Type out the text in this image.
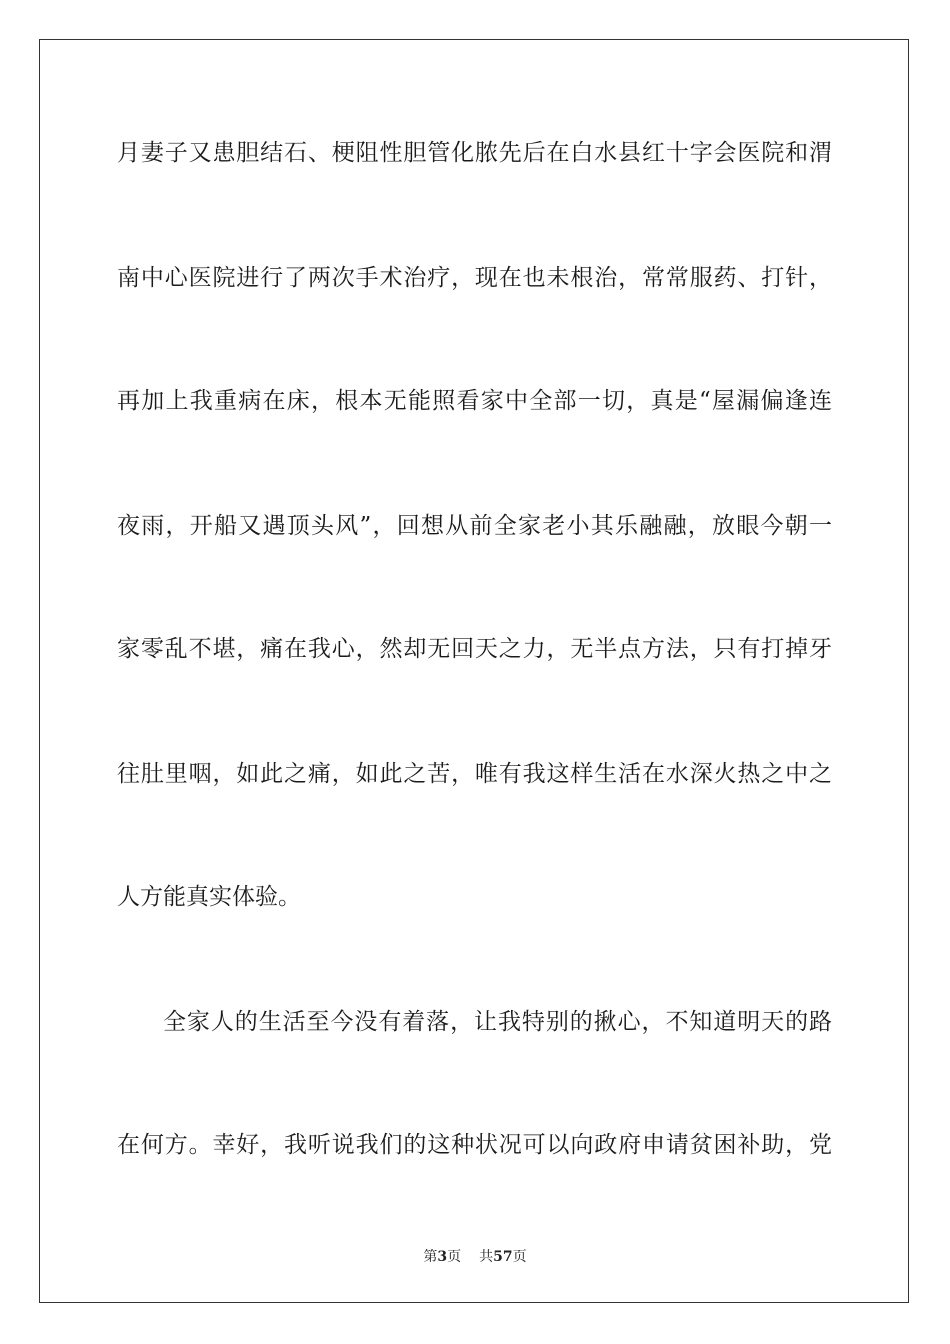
月妻子又患胆结石、梗阻性胆管化脓先后在白水县红十字会医院和渭
南中心医院进行了两次手术治疗，现在也未根治，常常服药、打针，
再加上我重病在床，根本无能照看家中全部一切，真是“屋漏偏逢连
夜雨，开船又遇顶头风”，回想从前全家老小其乐融融，放眼今朝一
家零乱不堪，痛在我心，然却无回天之力，无半点方法，只有打掉牙
往肚里咽，如此之痛，如此之苦，唯有我这样生活在水深火热之中之
人方能真实体验。
全家人的生活至今没有着落，让我特别的揪心，不知道明天的路
在何方。幸好，我听说我们的这种状况可以向政府申请贫困补助，党
第3页 共57页
